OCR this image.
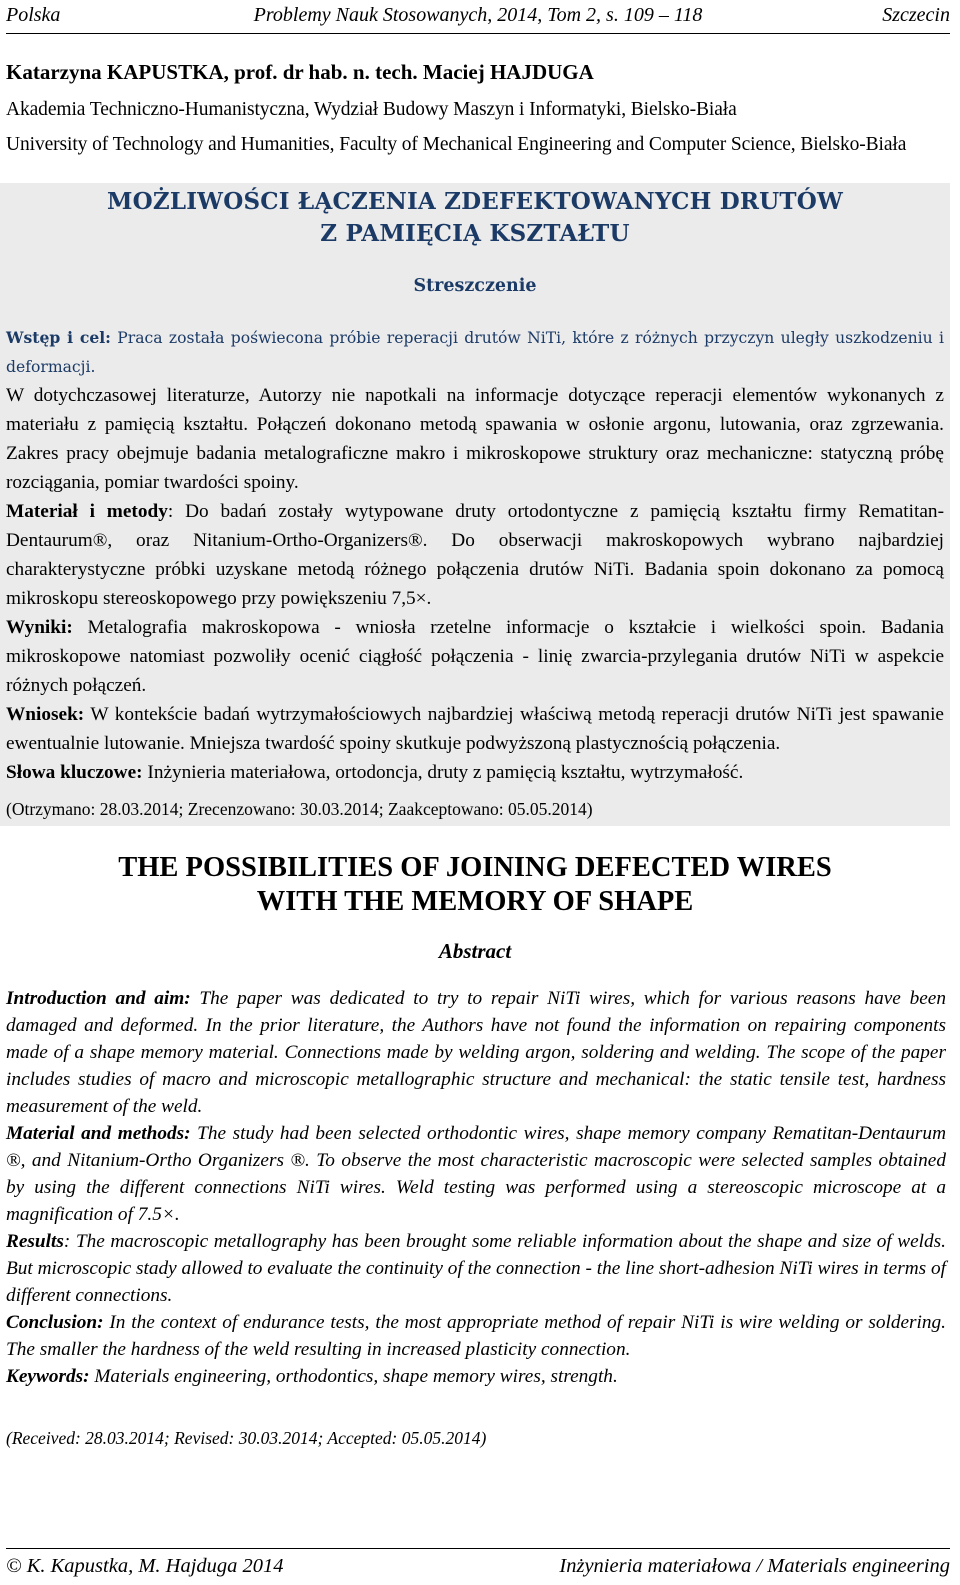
Polska	Problemy Nauk Stosowanych, 2014, Tom 2, s. 109 – 118	Szczecin
Katarzyna KAPUSTKA, prof. dr hab. n. tech. Maciej HAJDUGA
Akademia Techniczno-Humanistyczna, Wydział Budowy Maszyn i Informatyki, Bielsko-Biała
University of Technology and Humanities, Faculty of Mechanical Engineering and Computer Science, Bielsko-Biała
MOŻLIWOŚCI ŁĄCZENIA ZDEFEKTOWANYCH DRUTÓW
Z PAMIĘCIĄ KSZTAŁTU
Streszczenie

Wstęp i cel: Praca została poświecona próbie reperacji drutów NiTi, które z różnych przyczyn uległy uszkodzeniu i deformacji.

W dotychczasowej literaturze, Autorzy nie napotkali na informacje dotyczące reperacji elementów wykonanych z materiału z pamięcią kształtu. Połączeń dokonano metodą spawania w osłonie argonu, lutowania, oraz zgrzewania. Zakres pracy obejmuje badania metalograficzne makro i mikroskopowe struktury oraz mechaniczne: statyczną próbę rozciągania, pomiar twardości spoiny.

Materiał i metody: Do badań zostały wytypowane druty ortodontyczne z pamięcią kształtu firmy Rematitan-Dentaurum®, oraz Nitanium-Ortho-Organizers®. Do obserwacji makroskopowych wybrano najbardziej charakterystyczne próbki uzyskane metodą różnego połączenia drutów NiTi. Badania spoin dokonano za pomocą mikroskopu stereoskopowego przy powiększeniu 7,5×.

Wyniki: Metalografia makroskopowa - wniosła rzetelne informacje o kształcie i wielkości spoin. Badania mikroskopowe natomiast pozwoliły ocenić ciągłość połączenia - linię zwarcia-przylegania drutów NiTi w aspekcie różnych połączeń.

Wniosek: W kontekście badań wytrzymałościowych najbardziej właściwą metodą reperacji drutów NiTi jest spawanie ewentualnie lutowanie. Mniejsza twardość spoiny skutkuje podwyższoną plastycznością połączenia.

Słowa kluczowe: Inżynieria materiałowa, ortodoncja, druty z pamięcią kształtu, wytrzymałość.

(Otrzymano: 28.03.2014; Zrecenzowano: 30.03.2014; Zaakceptowano: 05.05.2014)
THE POSSIBILITIES OF JOINING DEFECTED WIRES
WITH THE MEMORY OF SHAPE
Abstract

Introduction and aim: The paper was dedicated to try to repair NiTi wires, which for various reasons have been damaged and deformed. In the prior literature, the Authors have not found the information on repairing components made of a shape memory material. Connections made by welding argon, soldering and welding. The scope of the paper includes studies of macro and microscopic metallographic structure and mechanical: the static tensile test, hardness measurement of the weld.

Material and methods: The study had been selected orthodontic wires, shape memory company Rematitan-Dentaurum ®, and Nitanium-Ortho Organizers ®. To observe the most characteristic macroscopic were selected samples obtained by using the different connections NiTi wires. Weld testing was performed using a stereoscopic microscope at a magnification of 7.5×.

Results: The macroscopic metallography has been brought some reliable information about the shape and size of welds. But microscopic stady allowed to evaluate the continuity of the connection - the line short-adhesion NiTi wires in terms of different connections.

Conclusion: In the context of endurance tests, the most appropriate method of repair NiTi is wire welding or soldering. The smaller the hardness of the weld resulting in increased plasticity connection.

Keywords: Materials engineering, orthodontics, shape memory wires, strength.

(Received: 28.03.2014; Revised: 30.03.2014; Accepted: 05.05.2014)
© K. Kapustka, M. Hajduga 2014	Inżynieria materiałowa / Materials engineering
